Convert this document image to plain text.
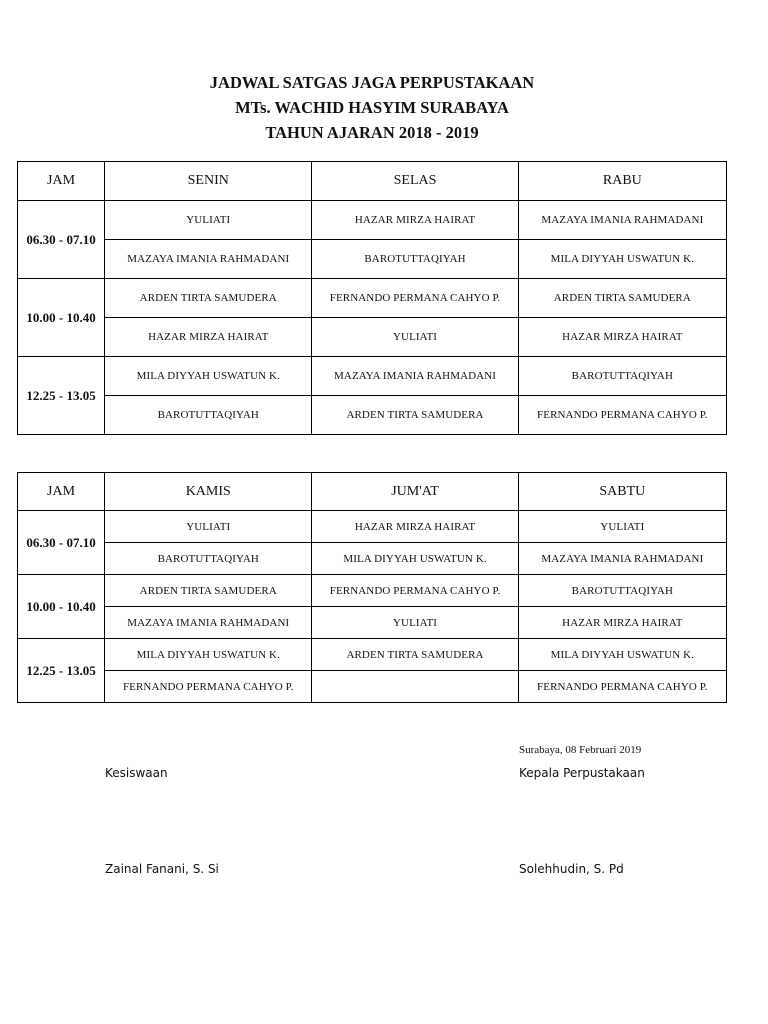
JADWAL SATGAS JAGA PERPUSTAKAAN
MTs. WACHID HASYIM SURABAYA
TAHUN AJARAN 2018 - 2019
JAM	SENIN	SELAS	RABU
06.30 - 07.10	YULIATI	HAZAR MIRZA HAIRAT	MAZAYA IMANIA RAHMADANI
	MAZAYA IMANIA RAHMADANI	BAROTUTTAQIYAH	MILA DIYYAH USWATUN K.
10.00 - 10.40	ARDEN TIRTA SAMUDERA	FERNANDO PERMANA CAHYO P.	ARDEN TIRTA SAMUDERA
	HAZAR MIRZA HAIRAT	YULIATI	HAZAR MIRZA HAIRAT
12.25 - 13.05	MILA DIYYAH USWATUN K.	MAZAYA IMANIA RAHMADANI	BAROTUTTAQIYAH
	BAROTUTTAQIYAH	ARDEN TIRTA SAMUDERA	FERNANDO PERMANA CAHYO P.
JAM	KAMIS	JUM'AT	SABTU
06.30 - 07.10	YULIATI	HAZAR MIRZA HAIRAT	YULIATI
	BAROTUTTAQIYAH	MILA DIYYAH USWATUN K.	MAZAYA IMANIA RAHMADANI
10.00 - 10.40	ARDEN TIRTA SAMUDERA	FERNANDO PERMANA CAHYO P.	BAROTUTTAQIYAH
	MAZAYA IMANIA RAHMADANI	YULIATI	HAZAR MIRZA HAIRAT
12.25 - 13.05	MILA DIYYAH USWATUN K.	ARDEN TIRTA SAMUDERA	MILA DIYYAH USWATUN K.
	FERNANDO PERMANA CAHYO P.		FERNANDO PERMANA CAHYO P.
Surabaya, 08 Februari 2019
Kesiswaan	Kepala Perpustakaan
Zainal Fanani, S. Si	Solehhudin, S. Pd
